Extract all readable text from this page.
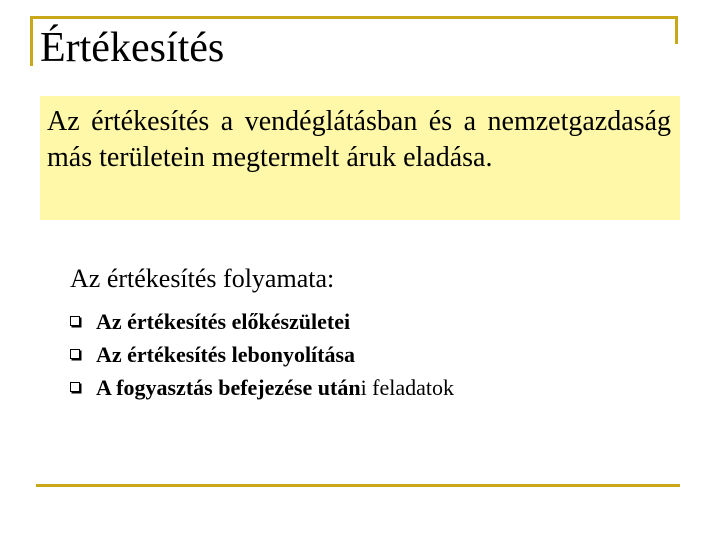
Értékesítés

Az értékesítés a vendéglátásban és a nemzetgazdaság más területein megtermelt áruk eladása.

Az értékesítés folyamata:

Az értékesítés előkészületei
Az értékesítés lebonyolítása
A fogyasztás befejezése utáni feladatok
